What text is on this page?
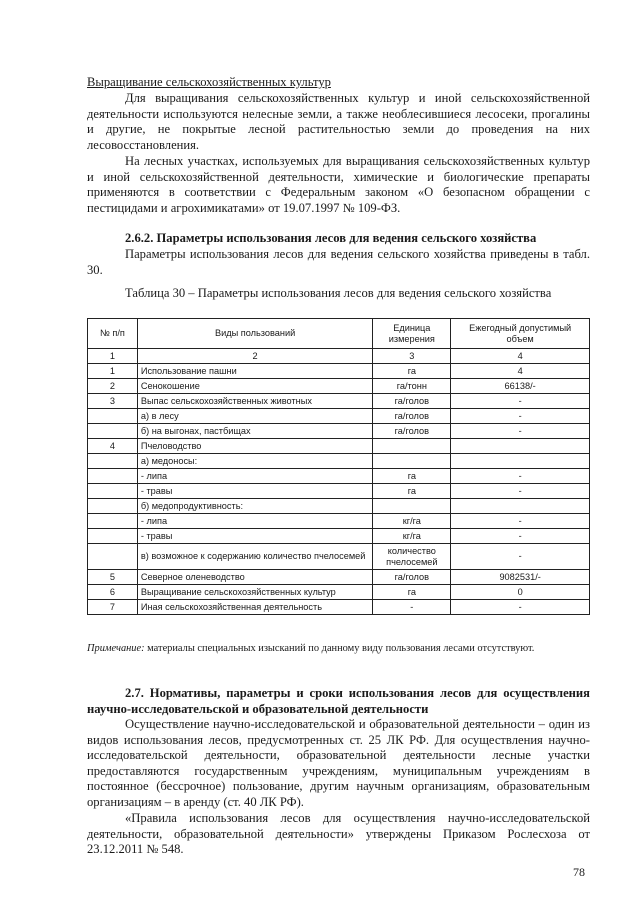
Выращивание сельскохозяйственных культур
Для выращивания сельскохозяйственных культур и иной сельскохозяйственной деятельности используются нелесные земли, а также необлесившиеся лесосеки, прогалины и другие, не покрытые лесной растительностью земли до проведения на них лесовосстановления.
На лесных участках, используемых для выращивания сельскохозяйственных культур и иной сельскохозяйственной деятельности, химические и биологические препараты применяются в соответствии с Федеральным законом «О безопасном обращении с пестицидами и агрохимикатами» от 19.07.1997 № 109-ФЗ.
2.6.2. Параметры использования лесов для ведения сельского хозяйства
Параметры использования лесов для ведения сельского хозяйства приведены в табл. 30.
Таблица 30 – Параметры использования лесов для ведения сельского хозяйства
№ п/п	Виды пользований	Единица измерения	Ежегодный допустимый объем
1	2	3	4
1	Использование пашни	га	4
2	Сенокошение	га/тонн	66138/-
3	Выпас сельскохозяйственных животных	га/голов	-
	а) в лесу	га/голов	-
	б) на выгонах, пастбищах	га/голов	-
4	Пчеловодство		
	а) медоносы:		
	- липа	га	-
	- травы	га	-
	б) медопродуктивность:		
	- липа	кг/га	-
	- травы	кг/га	-
	в) возможное к содержанию количество пчелосемей	количество пчелосемей	-
5	Северное оленеводство	га/голов	9082531/-
6	Выращивание сельскохозяйственных культур	га	0
7	Иная сельскохозяйственная деятельность	-	-
Примечание: материалы специальных изысканий по данному виду пользования лесами отсутствуют.
2.7. Нормативы, параметры и сроки использования лесов для осуществления научно-исследовательской и образовательной деятельности
Осуществление научно-исследовательской и образовательной деятельности – один из видов использования лесов, предусмотренных ст. 25 ЛК РФ. Для осуществления научно-исследовательской деятельности, образовательной деятельности лесные участки предоставляются государственным учреждениям, муниципальным учреждениям в постоянное (бессрочное) пользование, другим научным организациям, образовательным организациям – в аренду (ст. 40 ЛК РФ).
«Правила использования лесов для осуществления научно-исследовательской деятельности, образовательной деятельности» утверждены Приказом Рослесхоза от 23.12.2011 № 548.
78
